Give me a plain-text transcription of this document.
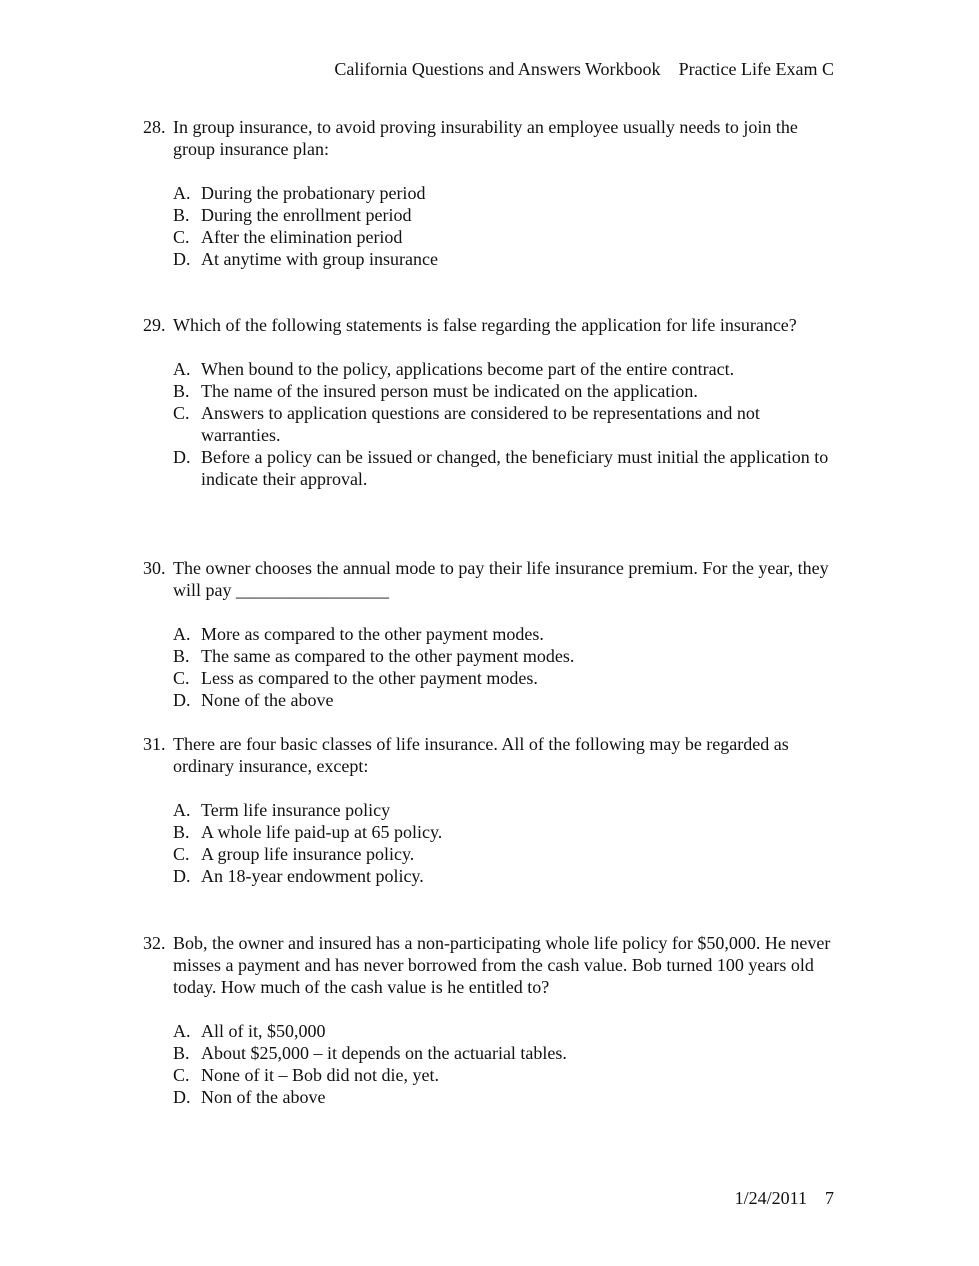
California Questions and Answers Workbook Practice Life Exam C
28. In group insurance, to avoid proving insurability an employee usually needs to join the group insurance plan:
A. During the probationary period
B. During the enrollment period
C. After the elimination period
D. At anytime with group insurance
29. Which of the following statements is false regarding the application for life insurance?
A. When bound to the policy, applications become part of the entire contract.
B. The name of the insured person must be indicated on the application.
C. Answers to application questions are considered to be representations and not warranties.
D. Before a policy can be issued or changed, the beneficiary must initial the application to indicate their approval.
30. The owner chooses the annual mode to pay their life insurance premium. For the year, they will pay _________________
A. More as compared to the other payment modes.
B. The same as compared to the other payment modes.
C. Less as compared to the other payment modes.
D. None of the above
31. There are four basic classes of life insurance. All of the following may be regarded as ordinary insurance, except:
A. Term life insurance policy
B. A whole life paid-up at 65 policy.
C. A group life insurance policy.
D. An 18-year endowment policy.
32. Bob, the owner and insured has a non-participating whole life policy for $50,000. He never misses a payment and has never borrowed from the cash value. Bob turned 100 years old today. How much of the cash value is he entitled to?
A. All of it, $50,000
B. About $25,000 – it depends on the actuarial tables.
C. None of it – Bob did not die, yet.
D. Non of the above
1/24/2011 7
